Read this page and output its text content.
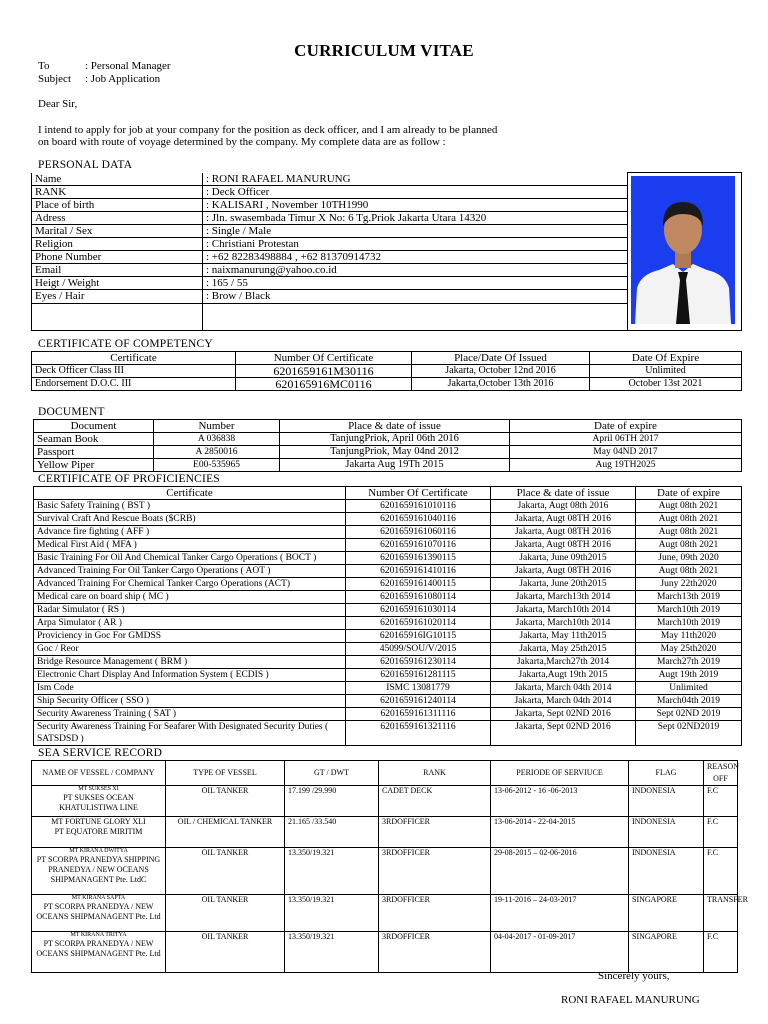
CURRICULUM VITAE
To	: Personal Manager
Subject : Job Application
Dear Sir,
I intend to apply for job at your company for the position as deck officer, and I am already to be planned
on board with route of voyage determined by the company. My complete data are as follow :
PERSONAL DATA
Name	: RONI RAFAEL MANURUNG	
RANK	: Deck Officer	
Place of birth	: KALISARI , November 10TH1990	
Adress	: Jln. swasembada Timur X No: 6 Tg.Priok Jakarta Utara 14320	
Marital / Sex	: Single / Male	
Religion	: Christiani Protestan	
Phone Number	: +62 82283498884 , +62 81370914732	
Email	: naixmanurung@yahoo.co.id	
Heigt / Weight	: 165 / 55	
Eyes / Hair	: Brow / Black	

CERTIFICATE OF COMPETENCY
Certificate	Number Of Certificate	Place/Date Of Issued	Date Of Expire
Deck Officer Class III	6201659161M30116	Jakarta, October 12nd 2016	Unlimited
Endorsement D.O.C. III	620165916MC0116	Jakarta,October 13th 2016	October 13st 2021
DOCUMENT
Document	Number	Place & date of issue	Date of expire
Seaman Book	A 036838	TanjungPriok, April 06th 2016	April 06TH 2017
Passport	A 2850016	TanjungPriok, May 04nd 2012	May 04ND 2017
Yellow Piper	E00-535965	Jakarta Aug 19Th 2015	Aug 19TH2025
CERTIFICATE OF PROFICIENCIES
Certificate	Number Of Certificate	Place & date of issue	Date of expire
Basic Safety Training ( BST )	6201659161010116	Jakarta, Augt 08th 2016	Augt 08th 2021
Survival Craft And Rescue Boats ($CRB)	6201659161040116	Jakarta, Augt 08TH 2016	Augt 08th 2021
Advance fire fighting ( AFF )	6201659161060116	Jakarta, Augt 08TH 2016	Augt 08th 2021
Medical First Aid ( MFA )	6201659161070116	Jakarta, Augt 08TH 2016	Augt 08th 2021
Basic Training For Oil And Chemical Tanker Cargo Operations ( BOCT )	6201659161390115	Jakarta, June 09th2015	June, 09th 2020
Advanced Training For Oil Tanker Cargo Operations ( AOT )	6201659161410116	Jakarta, Augt 08TH 2016	Augt 08th 2021
Advanced Training For Chemical Tanker Cargo Operations (ACT)	6201659161400115	Jakarta, June 20th2015	Juny 22th2020
Medical care on board ship ( MC )	6201659161080114	Jakarta, March13th 2014	March13th 2019
Radar Simulator ( RS )	6201659161030114	Jakarta, March10th 2014	March10th 2019
Arpa Simulator ( AR )	6201659161020114	Jakarta, March10th 2014	March10th 2019
Proviciency in Goc For GMDSS	620165916IG10115	Jakarta, May 11th2015	May 11th2020
Goc / Reor	45099/SOU/V/2015	Jakarta, May 25th2015	May 25th2020
Bridge Resource Management ( BRM )	6201659161230114	Jakarta,March27th 2014	March27th 2019
Electronic Chart Display And Information System ( ECDIS )	6201659161281115	Jakarta,Augt 19th 2015	Augt 19th 2019
Ism Code	ISMC 13081779	Jakarta, March 04th 2014	Unlimited
Ship Security Officer ( SSO )	6201659161240114	Jakarta, March 04th 2014	March04th 2019
Security Awareness Training ( SAT )	6201659161311116	Jakarta, Sept 02ND 2016	Sept 02ND 2019
Security Awareness Training For Seafarer With Designated Security Duties ( SATSDSD )	6201659161321116	Jakarta, Sept 02ND 2016	Sept 02ND2019
SEA SERVICE RECORD
NAME OF VESSEL / COMPANY	TYPE OF VESSEL	GT / DWT	RANK	PERIODE OF SERVIUCE	FLAG	REASON OFF

MT SUKSES XI
PT SUKSES OCEAN KHATULISTIWA LINE	OIL TANKER	17.199 /29.990	CADET DECK	13-06-2012 - 16 -06-2013	INDONESIA	F.C
MT FORTUNE GLORY XLI
PT EQUATORE MIRITIM	OIL / CHEMICAL TANKER	21.165 /33.540	3RDOFFICER	13-06-2014 - 22-04-2015	INDONESIA	F.C

MT KIRANA DWITYA
PT SCORPA PRANEDYA SHIPPING PRANEDYA / NEW OCEANS SHIPMANAGENT Pte. LtdC	OIL TANKER	13.350/19.321	3RDOFFICER	29-08-2015 – 02-06-2016	INDONESIA	F.C

MT KIRANA SAPTA
PT SCORPA PRANEDYA / NEW OCEANS SHIPMANAGENT Pte. Ltd	OIL TANKER	13.350/19.321	3RDOFFICER	19-11-2016 – 24-03-2017	SINGAPORE	TRANSFER

MT KIRANA TRITYA
PT SCORPA PRANEDYA / NEW OCEANS SHIPMANAGENT Pte. Ltd	OIL TANKER	13.350/19.321	3RDOFFICER	04-04-2017 - 01-09-2017	SINGAPORE	F.C
Sincerely yours,
RONI RAFAEL MANURUNG
